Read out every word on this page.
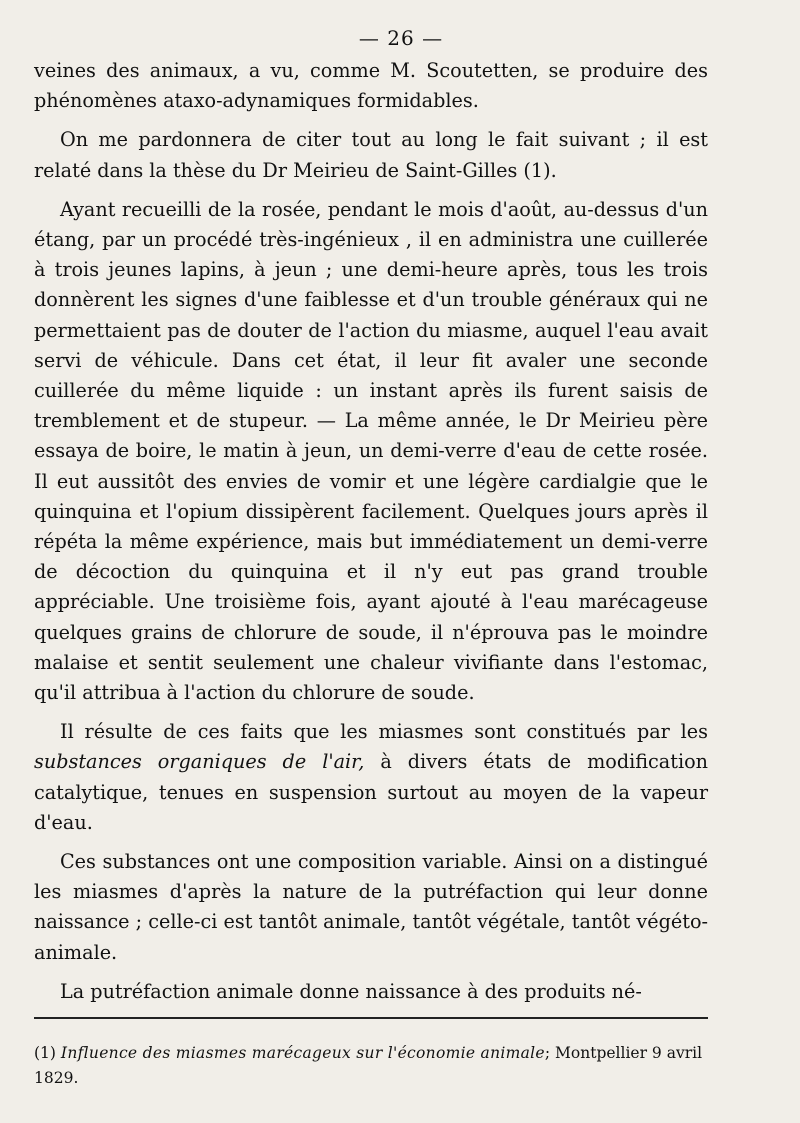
— 26 —

veines des animaux, a vu, comme M. Scoutetten, se produire des phénomènes ataxo-adynamiques formidables.

On me pardonnera de citer tout au long le fait suivant ; il est relaté dans la thèse du Dr Meirieu de Saint-Gilles (1).

Ayant recueilli de la rosée, pendant le mois d'août, au-dessus d'un étang, par un procédé très-ingénieux , il en administra une cuillerée à trois jeunes lapins, à jeun ; une demi-heure après, tous les trois donnèrent les signes d'une faiblesse et d'un trouble généraux qui ne permettaient pas de douter de l'action du miasme, auquel l'eau avait servi de véhicule. Dans cet état, il leur fit avaler une seconde cuillerée du même liquide : un instant après ils furent saisis de tremblement et de stupeur. — La même année, le Dr Meirieu père essaya de boire, le matin à jeun, un demi-verre d'eau de cette rosée. Il eut aussitôt des envies de vomir et une légère cardialgie que le quinquina et l'opium dissipèrent facilement. Quelques jours après il répéta la même expérience, mais but immédiatement un demi-verre de décoction du quinquina et il n'y eut pas grand trouble appréciable. Une troisième fois, ayant ajouté à l'eau marécageuse quelques grains de chlorure de soude, il n'éprouva pas le moindre malaise et sentit seulement une chaleur vivifiante dans l'estomac, qu'il attribua à l'action du chlorure de soude.

Il résulte de ces faits que les miasmes sont constitués par les substances organiques de l'air, à divers états de modification catalytique, tenues en suspension surtout au moyen de la vapeur d'eau.

Ces substances ont une composition variable. Ainsi on a distingué les miasmes d'après la nature de la putréfaction qui leur donne naissance ; celle-ci est tantôt animale, tantôt végétale, tantôt végéto-animale.

La putréfaction animale donne naissance à des produits né-

(1) Influence des miasmes marécageux sur l'économie animale; Montpellier 9 avril 1829.
